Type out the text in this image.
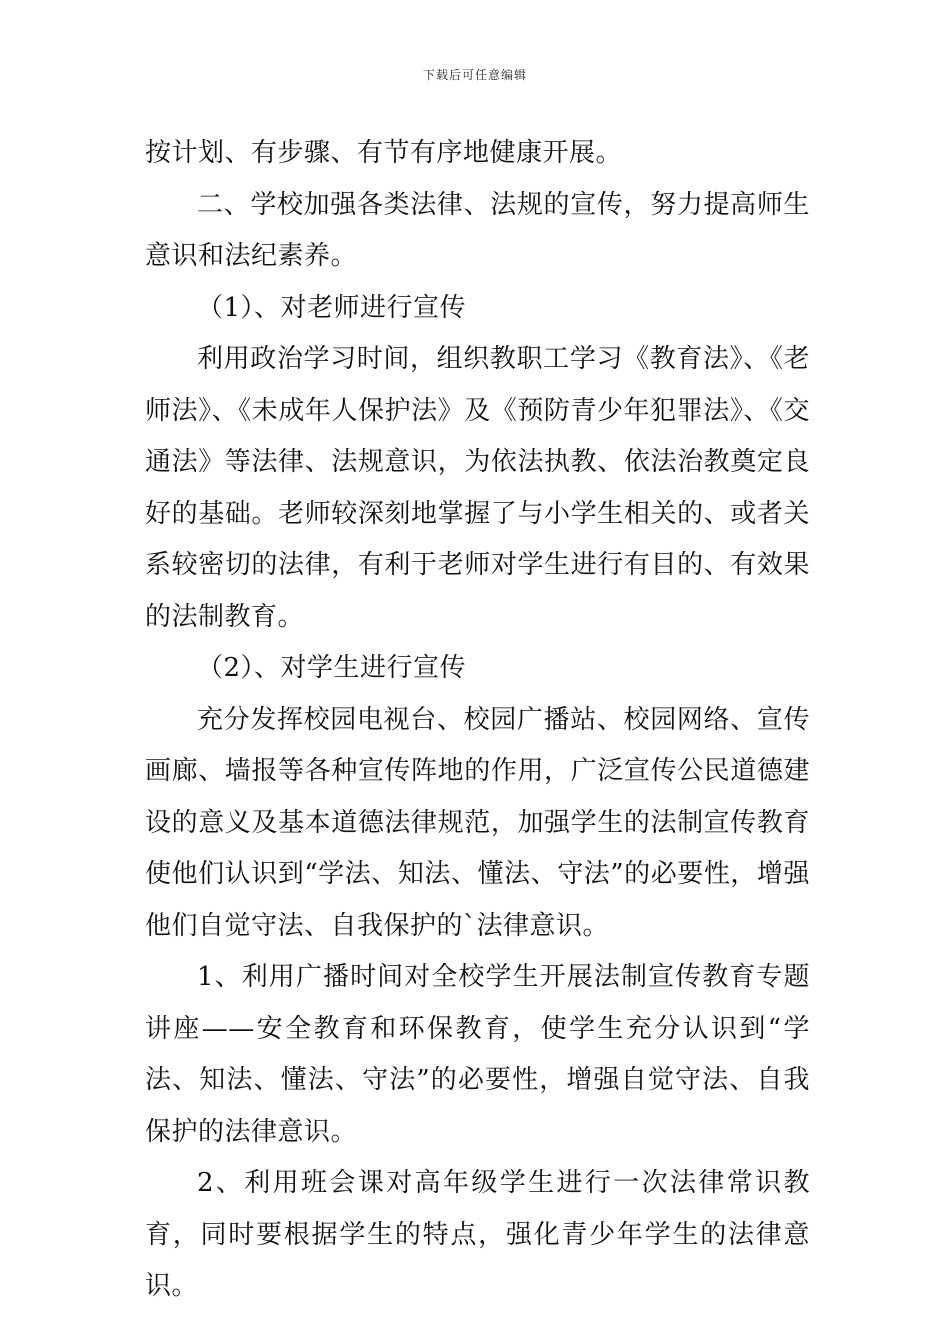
下载后可任意编辑

按计划、有步骤、有节有序地健康开展。

二、学校加强各类法律、法规的宣传，努力提高师生意识和法纪素养。

（1）、对老师进行宣传

利用政治学习时间，组织教职工学习《教育法》、《老师法》、《未成年人保护法》及《预防青少年犯罪法》、《交通法》等法律、法规意识，为依法执教、依法治教奠定良好的基础。老师较深刻地掌握了与小学生相关的、或者关系较密切的法律，有利于老师对学生进行有目的、有效果的法制教育。

（2）、对学生进行宣传

充分发挥校园电视台、校园广播站、校园网络、宣传画廊、墙报等各种宣传阵地的作用，广泛宣传公民道德建设的意义及基本道德法律规范，加强学生的法制宣传教育使他们认识到“学法、知法、懂法、守法”的必要性，增强他们自觉守法、自我保护的`法律意识。

1、利用广播时间对全校学生开展法制宣传教育专题讲座——安全教育和环保教育，使学生充分认识到“学法、知法、懂法、守法”的必要性，增强自觉守法、自我保护的法律意识。

2、利用班会课对高年级学生进行一次法律常识教育，同时要根据学生的特点，强化青少年学生的法律意识。
